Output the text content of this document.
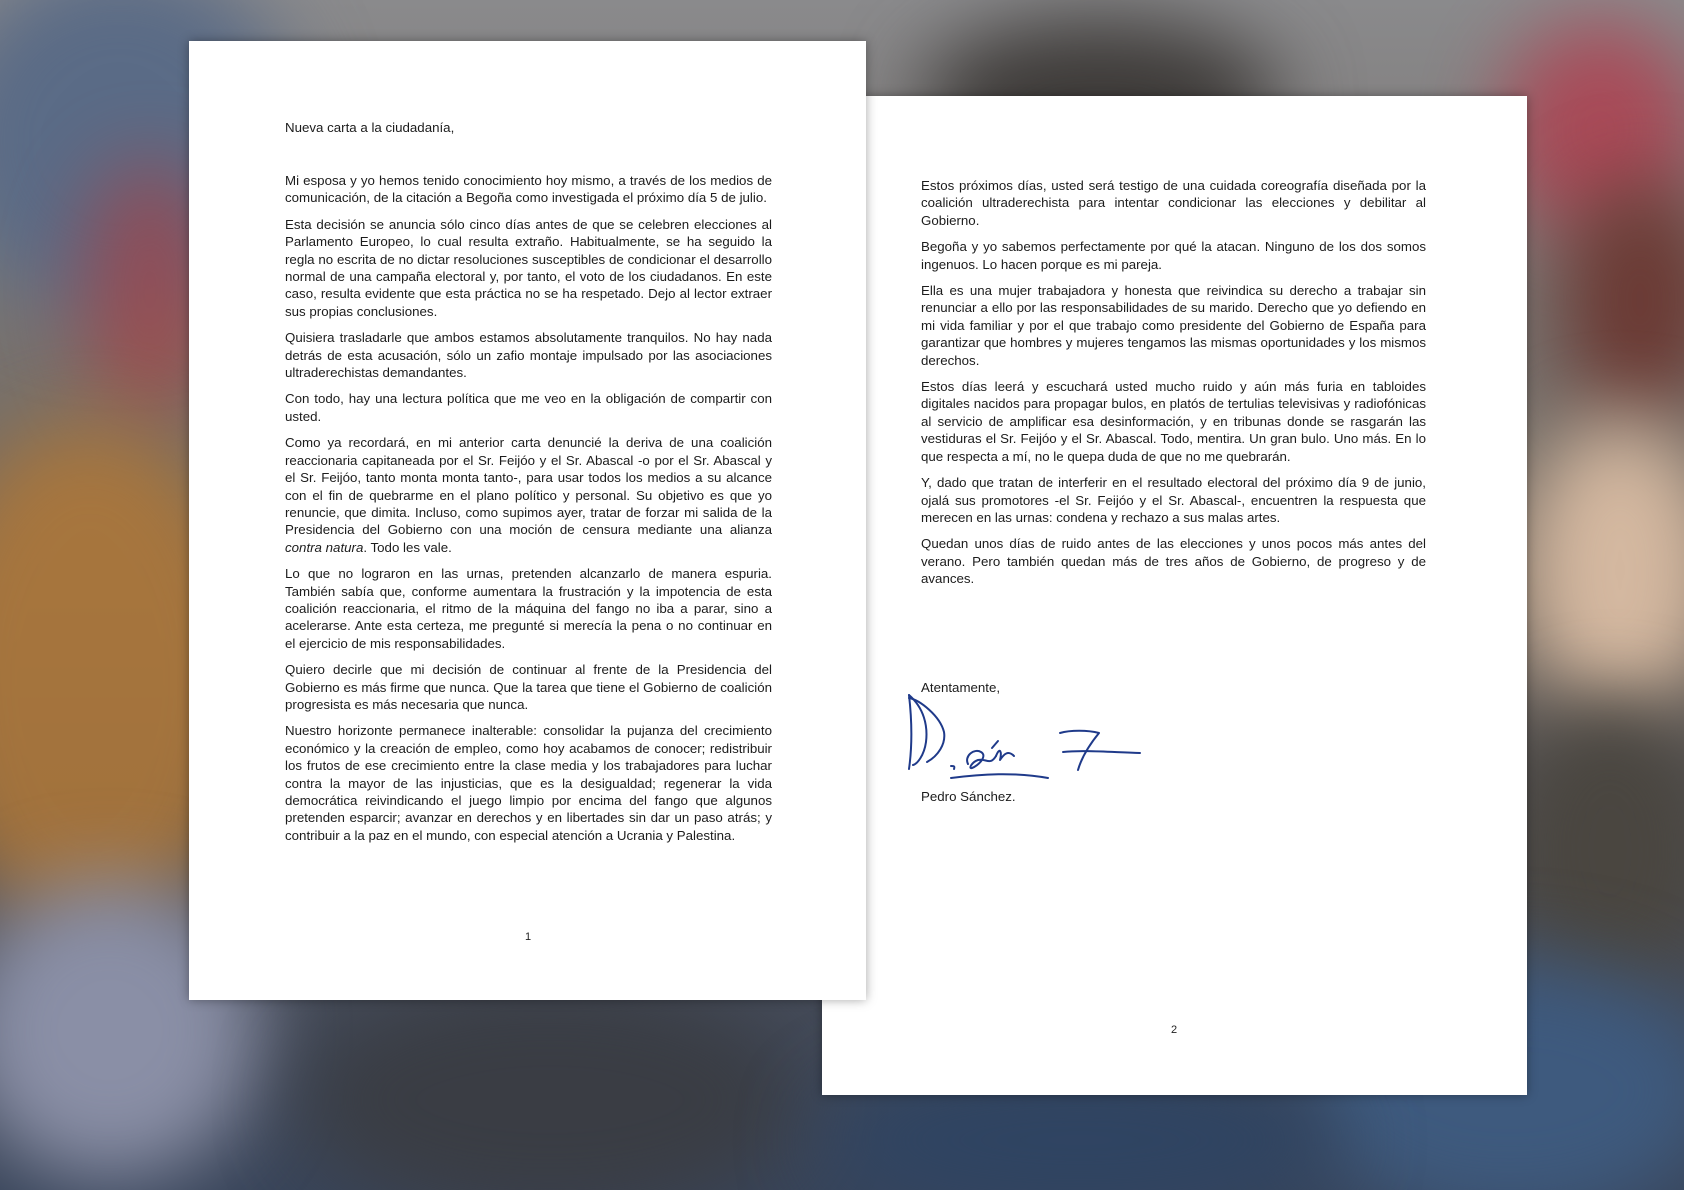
Estos próximos días, usted será testigo de una cuidada coreografía diseñada por la coalición ultraderechista para intentar condicionar las elecciones y debilitar al Gobierno.

Begoña y yo sabemos perfectamente por qué la atacan. Ninguno de los dos somos ingenuos. Lo hacen porque es mi pareja.

Ella es una mujer trabajadora y honesta que reivindica su derecho a trabajar sin renunciar a ello por las responsabilidades de su marido. Derecho que yo defiendo en mi vida familiar y por el que trabajo como presidente del Gobierno de España para garantizar que hombres y mujeres tengamos las mismas oportunidades y los mismos derechos.

Estos días leerá y escuchará usted mucho ruido y aún más furia en tabloides digitales nacidos para propagar bulos, en platós de tertulias televisivas y radiofónicas al servicio de amplificar esa desinformación, y en tribunas donde se rasgarán las vestiduras el Sr. Feijóo y el Sr. Abascal. Todo, mentira. Un gran bulo. Uno más. En lo que respecta a mí, no le quepa duda de que no me quebrarán.

Y, dado que tratan de interferir en el resultado electoral del próximo día 9 de junio, ojalá sus promotores -el Sr. Feijóo y el Sr. Abascal-, encuentren la respuesta que merecen en las urnas: condena y rechazo a sus malas artes.

Quedan unos días de ruido antes de las elecciones y unos pocos más antes del verano. Pero también quedan más de tres años de Gobierno, de progreso y de avances.

Atentamente,
Pedro Sánchez.
2
Nueva carta a la ciudadanía,

Mi esposa y yo hemos tenido conocimiento hoy mismo, a través de los medios de comunicación, de la citación a Begoña como investigada el próximo día 5 de julio.

Esta decisión se anuncia sólo cinco días antes de que se celebren elecciones al Parlamento Europeo, lo cual resulta extraño. Habitualmente, se ha seguido la regla no escrita de no dictar resoluciones susceptibles de condicionar el desarrollo normal de una campaña electoral y, por tanto, el voto de los ciudadanos. En este caso, resulta evidente que esta práctica no se ha respetado. Dejo al lector extraer sus propias conclusiones.

Quisiera trasladarle que ambos estamos absolutamente tranquilos. No hay nada detrás de esta acusación, sólo un zafio montaje impulsado por las asociaciones ultraderechistas demandantes.

Con todo, hay una lectura política que me veo en la obligación de compartir con usted.

Como ya recordará, en mi anterior carta denuncié la deriva de una coalición reaccionaria capitaneada por el Sr. Feijóo y el Sr. Abascal -o por el Sr. Abascal y el Sr. Feijóo, tanto monta monta tanto-, para usar todos los medios a su alcance con el fin de quebrarme en el plano político y personal. Su objetivo es que yo renuncie, que dimita. Incluso, como supimos ayer, tratar de forzar mi salida de la Presidencia del Gobierno con una moción de censura mediante una alianza contra natura. Todo les vale.

Lo que no lograron en las urnas, pretenden alcanzarlo de manera espuria. También sabía que, conforme aumentara la frustración y la impotencia de esta coalición reaccionaria, el ritmo de la máquina del fango no iba a parar, sino a acelerarse. Ante esta certeza, me pregunté si merecía la pena o no continuar en el ejercicio de mis responsabilidades.

Quiero decirle que mi decisión de continuar al frente de la Presidencia del Gobierno es más firme que nunca. Que la tarea que tiene el Gobierno de coalición progresista es más necesaria que nunca.

Nuestro horizonte permanece inalterable: consolidar la pujanza del crecimiento económico y la creación de empleo, como hoy acabamos de conocer; redistribuir los frutos de ese crecimiento entre la clase media y los trabajadores para luchar contra la mayor de las injusticias, que es la desigualdad; regenerar la vida democrática reivindicando el juego limpio por encima del fango que algunos pretenden esparcir; avanzar en derechos y en libertades sin dar un paso atrás; y contribuir a la paz en el mundo, con especial atención a Ucrania y Palestina.

1
